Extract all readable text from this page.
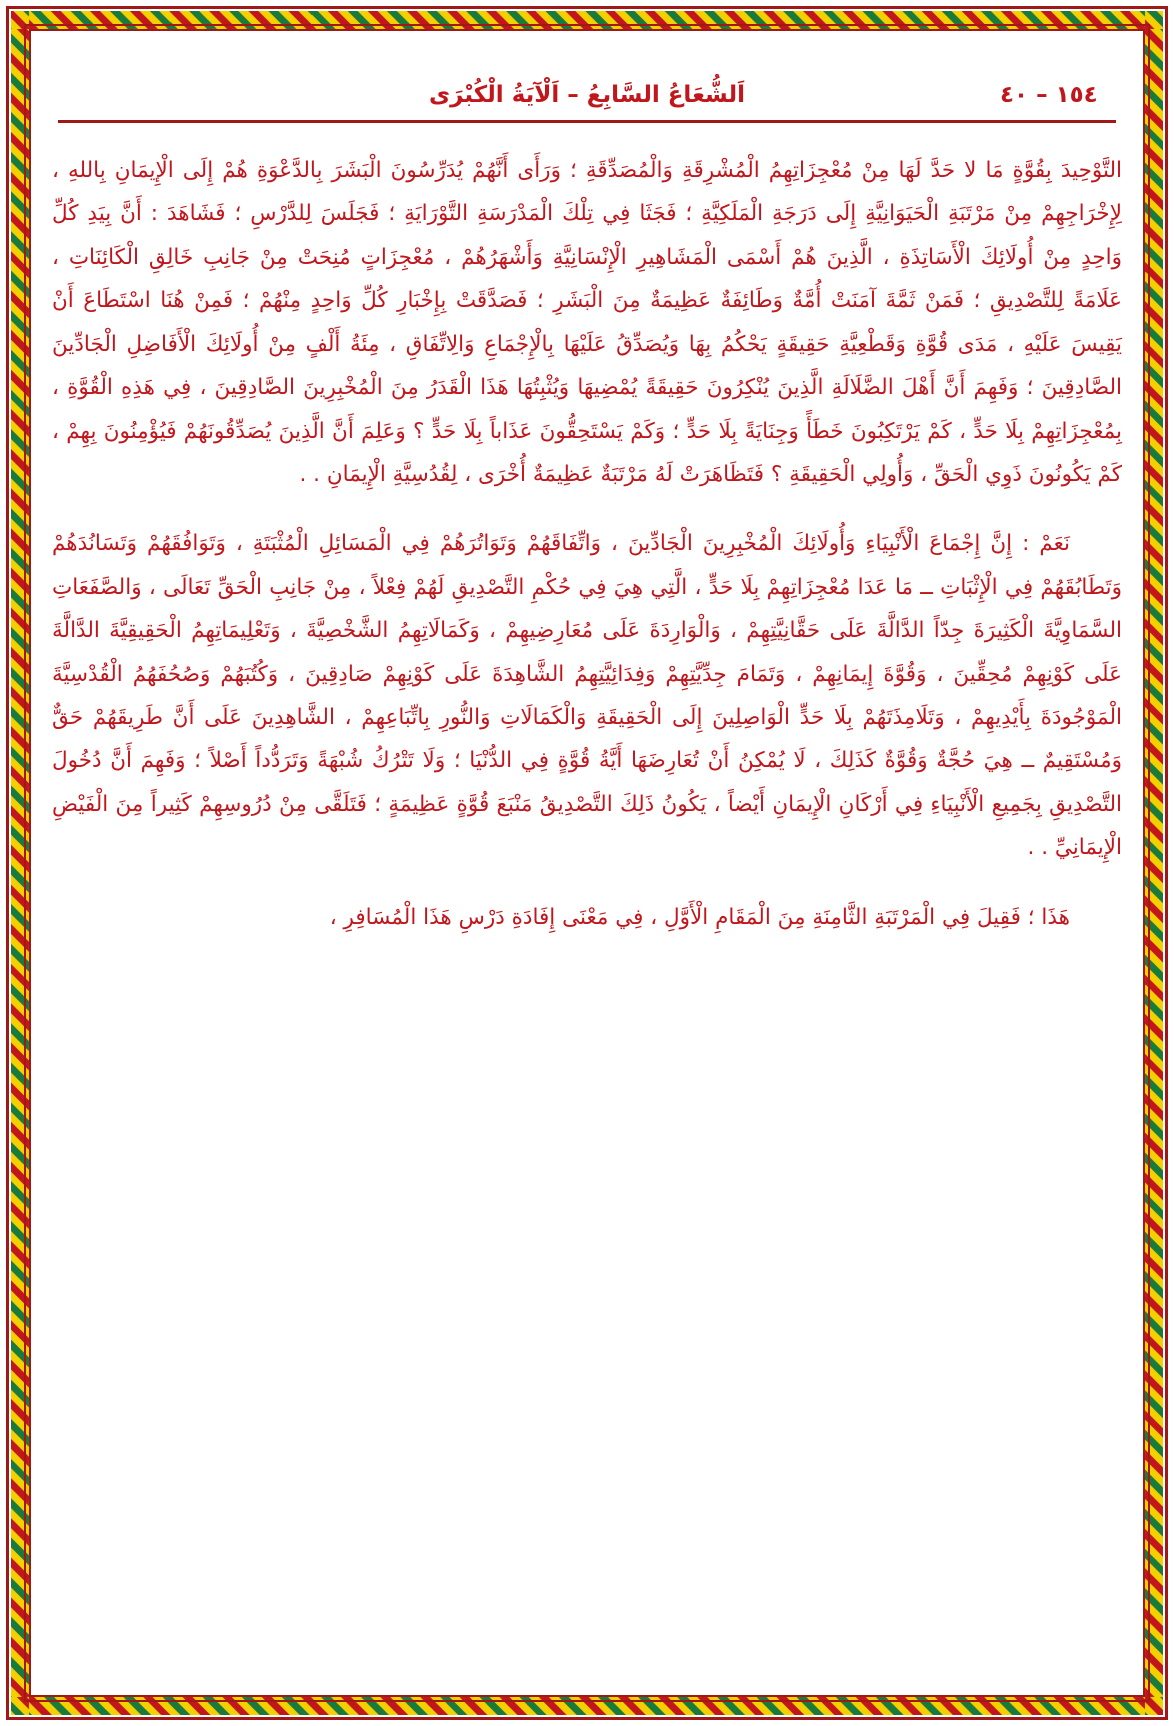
١٥٤ – ٤٠
اَلشُّعَاعُ السَّابِعُ – اَلْآيَةُ الْكُبْرَى

التَّوْحِيدَ بِقُوَّةٍ مَا لا حَدَّ لَهَا مِنْ مُعْجِزَاتِهِمُ الْمُشْرِقَةِ وَالْمُصَدِّقَةِ ؛ وَرَأَى أَنَّهُمْ يُدَرِّسُونَ الْبَشَرَ بِالدَّعْوَةِ هُمْ إِلَى الْإِيمَانِ بِاللهِ ، لِإِخْرَاجِهِمْ مِنْ مَرْتَبَةِ الْحَيَوَانِيَّةِ إِلَى دَرَجَةِ الْمَلَكِيَّةِ ؛ فَجَثَا فِي تِلْكَ الْمَدْرَسَةِ التَّوْرَايَةِ ؛ فَجَلَسَ لِلدَّرْسِ ؛ فَشَاهَدَ : أَنَّ بِيَدِ كُلِّ وَاحِدٍ مِنْ أُولَائِكَ الْأَسَاتِذَةِ ، الَّذِينَ هُمْ أَسْمَى الْمَشَاهِيرِ الْإِنْسَانِيَّةِ وَأَشْهَرُهُمْ ، مُعْجِزَاتٍ مُنِحَتْ مِنْ جَانِبِ خَالِقِ الْكَائِنَاتِ ، عَلَامَةً لِلتَّصْدِيقِ ؛ فَمَنْ ثَمَّةَ آمَنَتْ أُمَّةٌ وَطَائِفَةٌ عَظِيمَةٌ مِنَ الْبَشَرِ ؛ فَصَدَّقَتْ بِإِخْبَارِ كُلِّ وَاحِدٍ مِنْهُمْ ؛ فَمِنْ هُنَا اسْتَطَاعَ أَنْ يَقِيسَ عَلَيْهِ ، مَدَى قُوَّةِ وَقَطْعِيَّةِ حَقِيقَةٍ يَحْكُمُ بِهَا وَيُصَدِّقُ عَلَيْهَا بِالْإِجْمَاعِ وَالِاتِّفَاقِ ، مِئَةُ أَلْفٍ مِنْ أُولَائِكَ الْأَفَاضِلِ الْجَادِّينَ الصَّادِقِينَ ؛ وَفَهِمَ أَنَّ أَهْلَ الضَّلَالَةِ الَّذِينَ يُنْكِرُونَ حَقِيقَةً يُمْضِيهَا وَيُثْبِتُهَا هَذَا الْقَدَرُ مِنَ الْمُخْبِرِينَ الصَّادِقِينَ ، فِي هَذِهِ الْقُوَّةِ ، بِمُعْجِزَاتِهِمْ بِلَا حَدٍّ ، كَمْ يَرْتَكِبُونَ خَطَأً وَجِنَايَةً بِلَا حَدٍّ ؛ وَكَمْ يَسْتَحِقُّونَ عَذَاباً بِلَا حَدٍّ ؟ وَعَلِمَ أَنَّ الَّذِينَ يُصَدِّقُونَهُمْ فَيُؤْمِنُونَ بِهِمْ ، كَمْ يَكُونُونَ ذَوِي الْحَقِّ ، وَأُولِي الْحَقِيقَةِ ؟ فَتَظَاهَرَتْ لَهُ مَرْتَبَةٌ عَظِيمَةٌ أُخْرَى ، لِقُدُسِيَّةِ الْإِيمَانِ . .

نَعَمْ : إِنَّ إِجْمَاعَ الْأَنْبِيَاءِ وَأُولَائِكَ الْمُخْبِرِينَ الْجَادِّينَ ، وَاتِّفَاقَهُمْ وَتَوَاتُرَهُمْ فِي الْمَسَائِلِ الْمُثْبَتَةِ ، وَتَوَافُقَهُمْ وَتَسَانُدَهُمْ وَتَطَابُقَهُمْ فِي الْإِثْبَاتِ ــ مَا عَدَا مُعْجِزَاتِهِمْ بِلَا حَدٍّ ، الَّتِي هِيَ فِي حُكْمِ التَّصْدِيقِ لَهُمْ فِعْلاً ، مِنْ جَانِبِ الْحَقِّ تَعَالَى ، وَالصَّفَعَاتِ السَّمَاوِيَّةَ الْكَثِيرَةَ جِدّاً الدَّالَّةَ عَلَى حَقَّانِيَّتِهِمْ ، وَالْوَارِدَةَ عَلَى مُعَارِضِيهِمْ ، وَكَمَالَاتِهِمُ الشَّخْصِيَّةَ ، وَتَعْلِيمَاتِهِمُ الْحَقِيقِيَّةَ الدَّالَّةَ عَلَى كَوْنِهِمْ مُحِقِّينَ ، وَقُوَّةَ إِيمَانِهِمْ ، وَتَمَامَ جِدِّيَّتِهِمْ وَفِدَائِيَّتِهِمُ الشَّاهِدَةَ عَلَى كَوْنِهِمْ صَادِقِينَ ، وَكُتُبَهُمْ وَصُحُفَهُمُ الْقُدْسِيَّةَ الْمَوْجُودَةَ بِأَيْدِيهِمْ ، وَتَلَامِذَتَهُمْ بِلَا حَدٍّ الْوَاصِلِينَ إِلَى الْحَقِيقَةِ وَالْكَمَالَاتِ وَالنُّورِ بِاتِّبَاعِهِمْ ، الشَّاهِدِينَ عَلَى أَنَّ طَرِيقَهُمْ حَقٌّ وَمُسْتَقِيمٌ ــ هِيَ حُجَّةٌ وَقُوَّةٌ كَذَلِكَ ، لَا يُمْكِنُ أَنْ تُعَارِضَهَا أَيَّةُ قُوَّةٍ فِي الدُّنْيَا ؛ وَلَا تَتْرُكُ شُبْهَةً وَتَرَدُّداً أَصْلاً ؛ وَفَهِمَ أَنَّ دُخُولَ التَّصْدِيقِ بِجَمِيعِ الْأَنْبِيَاءِ فِي أَرْكَانِ الْإِيمَانِ أَيْضاً ، يَكُونُ ذَلِكَ التَّصْدِيقُ مَنْبَعَ قُوَّةٍ عَظِيمَةٍ ؛ فَتَلَقَّى مِنْ دُرُوسِهِمْ كَثِيراً مِنَ الْفَيْضِ الْإِيمَانِيِّ . .

هَذَا ؛ فَقِيلَ فِي الْمَرْتَبَةِ الثَّامِنَةِ مِنَ الْمَقَامِ الْأَوَّلِ ، فِي مَعْنَى إِفَادَةِ دَرْسِ هَذَا الْمُسَافِرِ ،
